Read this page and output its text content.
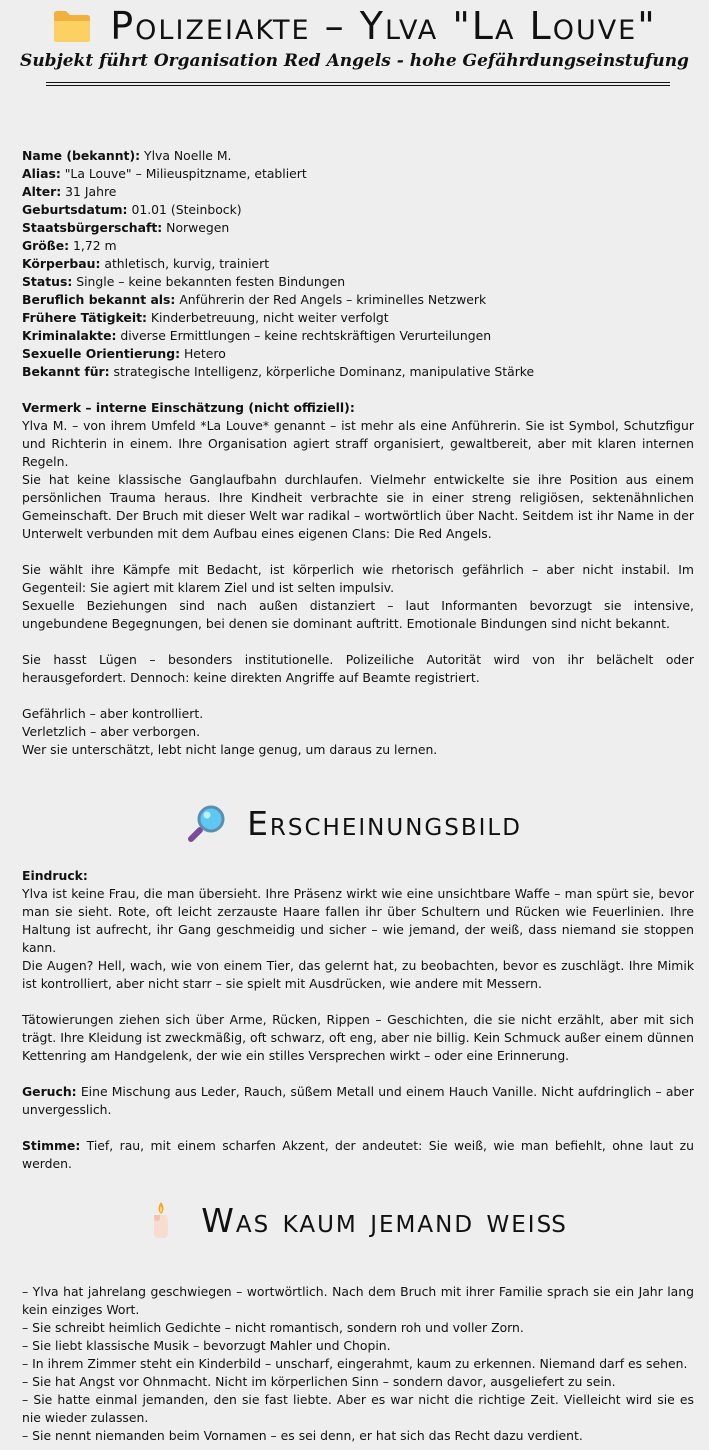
Polizeiakte – Ylva "La Louve"
Subjekt führt Organisation Red Angels - hohe Gefährdungseinstufung
Name (bekannt): Ylva Noelle M.
Alias: "La Louve" – Milieuspitzname, etabliert
Alter: 31 Jahre
Geburtsdatum: 01.01 (Steinbock)
Staatsbürgerschaft: Norwegen
Größe: 1,72 m
Körperbau: athletisch, kurvig, trainiert
Status: Single – keine bekannten festen Bindungen
Beruflich bekannt als: Anführerin der Red Angels – kriminelles Netzwerk
Frühere Tätigkeit: Kinderbetreuung, nicht weiter verfolgt
Kriminalakte: diverse Ermittlungen – keine rechtskräftigen Verurteilungen
Sexuelle Orientierung: Hetero
Bekannt für: strategische Intelligenz, körperliche Dominanz, manipulative Stärke

Vermerk – interne Einschätzung (nicht offiziell):

Ylva M. – von ihrem Umfeld *La Louve* genannt – ist mehr als eine Anführerin. Sie ist Symbol, Schutzfigur und Richterin in einem. Ihre Organisation agiert straff organisiert, gewaltbereit, aber mit klaren internen Regeln.

Sie hat keine klassische Ganglaufbahn durchlaufen. Vielmehr entwickelte sie ihre Position aus einem persönlichen Trauma heraus. Ihre Kindheit verbrachte sie in einer streng religiösen, sektenähnlichen Gemeinschaft. Der Bruch mit dieser Welt war radikal – wortwörtlich über Nacht. Seitdem ist ihr Name in der Unterwelt verbunden mit dem Aufbau eines eigenen Clans: Die Red Angels.

Sie wählt ihre Kämpfe mit Bedacht, ist körperlich wie rhetorisch gefährlich – aber nicht instabil. Im Gegenteil: Sie agiert mit klarem Ziel und ist selten impulsiv.

Sexuelle Beziehungen sind nach außen distanziert – laut Informanten bevorzugt sie intensive, ungebundene Begegnungen, bei denen sie dominant auftritt. Emotionale Bindungen sind nicht bekannt.

Sie hasst Lügen – besonders institutionelle. Polizeiliche Autorität wird von ihr belächelt oder herausgefordert. Dennoch: keine direkten Angriffe auf Beamte registriert.

Gefährlich – aber kontrolliert.

Verletzlich – aber verborgen.

Wer sie unterschätzt, lebt nicht lange genug, um daraus zu lernen.

Erscheinungsbild

Eindruck:

Ylva ist keine Frau, die man übersieht. Ihre Präsenz wirkt wie eine unsichtbare Waffe – man spürt sie, bevor man sie sieht. Rote, oft leicht zerzauste Haare fallen ihr über Schultern und Rücken wie Feuerlinien. Ihre Haltung ist aufrecht, ihr Gang geschmeidig und sicher – wie jemand, der weiß, dass niemand sie stoppen kann.

Die Augen? Hell, wach, wie von einem Tier, das gelernt hat, zu beobachten, bevor es zuschlägt. Ihre Mimik ist kontrolliert, aber nicht starr – sie spielt mit Ausdrücken, wie andere mit Messern.

Tätowierungen ziehen sich über Arme, Rücken, Rippen – Geschichten, die sie nicht erzählt, aber mit sich trägt. Ihre Kleidung ist zweckmäßig, oft schwarz, oft eng, aber nie billig. Kein Schmuck außer einem dünnen Kettenring am Handgelenk, der wie ein stilles Versprechen wirkt – oder eine Erinnerung.

Geruch: Eine Mischung aus Leder, Rauch, süßem Metall und einem Hauch Vanille. Nicht aufdringlich – aber unvergesslich.

Stimme: Tief, rau, mit einem scharfen Akzent, der andeutet: Sie weiß, wie man befiehlt, ohne laut zu werden.

Was kaum jemand weiß

– Ylva hat jahrelang geschwiegen – wortwörtlich. Nach dem Bruch mit ihrer Familie sprach sie ein Jahr lang kein einziges Wort.

– Sie schreibt heimlich Gedichte – nicht romantisch, sondern roh und voller Zorn.

– Sie liebt klassische Musik – bevorzugt Mahler und Chopin.

– In ihrem Zimmer steht ein Kinderbild – unscharf, eingerahmt, kaum zu erkennen. Niemand darf es sehen.

– Sie hat Angst vor Ohnmacht. Nicht im körperlichen Sinn – sondern davor, ausgeliefert zu sein.

– Sie hatte einmal jemanden, den sie fast liebte. Aber es war nicht die richtige Zeit. Vielleicht wird sie es nie wieder zulassen.

– Sie nennt niemanden beim Vornamen – es sei denn, er hat sich das Recht dazu verdient.
